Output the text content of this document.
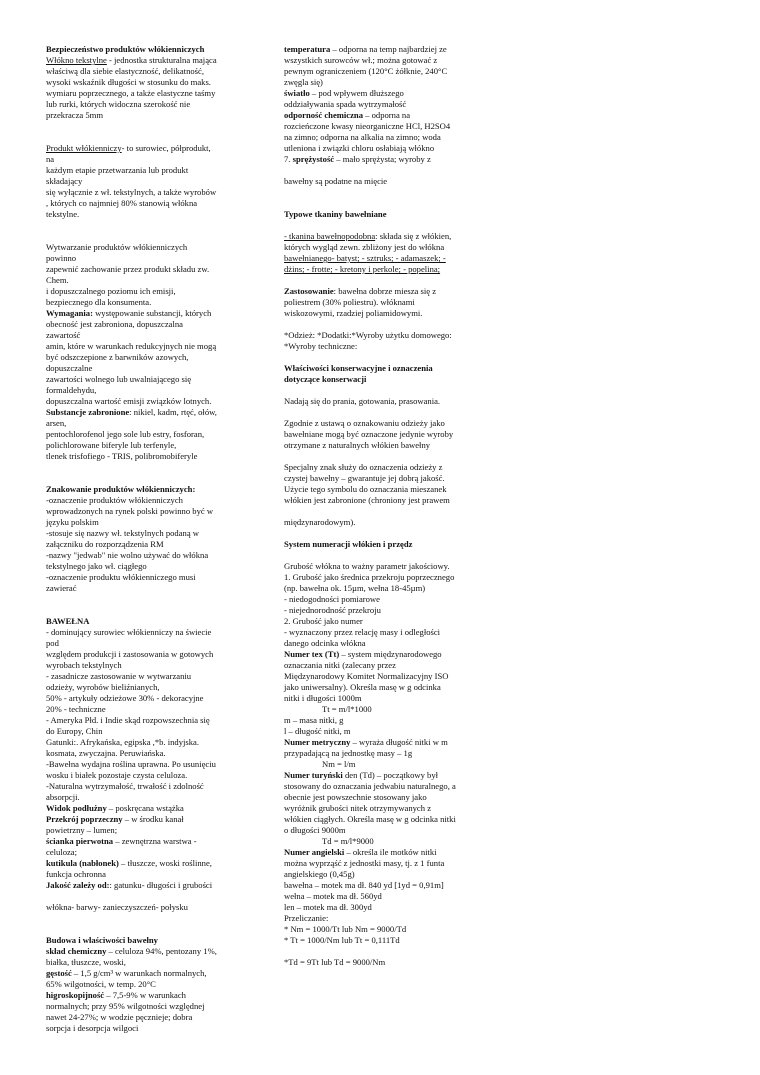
Bezpieczeństwo produktów włókienniczych

Włókno tekstylne - jednostka strukturalna mająca

właściwą dla siebie elastyczność, delikatność,

wysoki wskaźnik długości w stosunku do maks.

wymiaru poprzecznego, a także elastyczne taśmy

lub rurki, których widoczna szerokość nie

przekracza 5mm

Produkt włókienniczy- to surowiec, półprodukt,

na

każdym etapie przetwarzania lub produkt

składający

się wyłącznie z wł. tekstylnych, a także wyrobów

, których co najmniej 80% stanowią włókna

tekstylne.

Wytwarzanie produktów włókienniczych

powinno

zapewnić zachowanie przez produkt składu zw.

Chem.

i dopuszczalnego poziomu ich emisji,

bezpiecznego dla konsumenta.

Wymagania: występowanie substancji, których

obecność jest zabroniona, dopuszczalna

zawartość

amin, które w warunkach redukcyjnych nie mogą

być odszczepione z barwników azowych,

dopuszczalne

zawartości wolnego lub uwalniającego się

formaldehydu,

dopuszczalna wartość emisji związków lotnych.

Substancje zabronione: nikiel, kadm, rtęć, ołów,

arsen,

pentochlorofenol jego sole lub estry, fosforan,

polichlorowane biferyle lub terfenyle,

tlenek trisfofiego - TRIS, polibromobiferyle

Znakowanie produktów włókienniczych:

-oznaczenie produktów włókienniczych

wprowadzonych na rynek polski powinno być w

języku polskim

-stosuje się nazwy wł. tekstylnych podaną w

załączniku do rozporządzenia RM

-nazwy "jedwab" nie wolno używać do włókna

tekstylnego jako wł. ciągłego

-oznaczenie produktu włókienniczego musi

zawierać

BAWEŁNA

- dominujący surowiec włókienniczy na świecie

pod

względem produkcji i zastosowania w gotowych

wyrobach tekstylnych

- zasadnicze zastosowanie w wytwarzaniu

odzieży, wyrobów bieliźnianych,

50% - artykuły odzieżowe 30% - dekoracyjne

20% - techniczne

- Ameryka Płd. i Indie skąd rozpowszechnia się

do Europy, Chin

Gatunki:. Afrykańska, egipska ,*b. indyjska.

kosmata, zwyczajna. Peruwiańska.

-Bawełna wydajna roślina uprawna. Po usunięciu

wosku i białek pozostaje czysta celuloza.

-Naturalna wytrzymałość, trwałość i zdolność

absorpcji.

Widok podłużny – poskręcana wstążka

Przekrój poprzeczny – w środku kanał

powietrzny – lumen;

ścianka pierwotna – zewnętrzna warstwa -

celuloza;

kutikula (nabłonek) – tłuszcze, woski roślinne,

funkcja ochronna

Jakość zależy od:: gatunku- długości i grubości

włókna- barwy- zanieczyszczeń- połysku

Budowa i właściwości bawełny

skład chemiczny – celuloza 94%, pentozany 1%,

białka, tłuszcze, woski,

gęstość – 1,5 g/cm³ w warunkach normalnych,

65% wilgotności, w temp. 20°C

higroskopijność – 7,5-9% w warunkach

normalnych; przy 95% wilgotności względnej

nawet 24-27%; w wodzie pęcznieje; dobra

sorpcja i desorpcja wilgoci

temperatura – odporna na temp najbardziej ze

wszystkich surowców wł.; można gotować z

pewnym ograniczeniem (120°C żółknie, 240°C

zwęgla się)

światło – pod wpływem dłuższego

oddziaływania spada wytrzymałość

odporność chemiczna – odporna na

rozcieńczone kwasy nieorganiczne HCl, H2SO4

na zimno; odporna na alkalia na zimno; woda

utleniona i związki chloru osłabiają włókno

7. sprężystość – mało sprężysta; wyroby z

bawełny są podatne na mięcie

Typowe tkaniny bawełniane

- tkanina bawełnopodobna: składa się z włókien,

których wygląd zewn. zbliżony jest do włókna

bawełnianego- batyst; - sztruks; - adamaszek; -

dżins; - frotte; - kretony i perkole; - popelina;

Zastosowanie: bawełna dobrze miesza się z

poliestrem (30% poliestru). włóknami

wiskozowymi, rzadziej poliamidowymi.

*Odzież: *Dodatki:*Wyroby użytku domowego:

*Wyroby techniczne:

Właściwości konserwacyjne i oznaczenia

dotyczące konserwacji

Nadają się do prania, gotowania, prasowania.

Zgodnie z ustawą o oznakowaniu odzieży jako

bawełniane mogą być oznaczone jedynie wyroby

otrzymane z naturalnych włókien bawełny

Specjalny znak służy do oznaczenia odzieży z

czystej bawełny – gwarantuje jej dobrą jakość.

Użycie tego symbolu do oznaczania mieszanek

włókien jest zabronione (chroniony jest prawem

międzynarodowym).

System numeracji włókien i przędz

Grubość włókna to ważny parametr jakościowy.

1. Grubość jako średnica przekroju poprzecznego

(np. bawełna ok. 15µm, wełna 18-45µm)

- niedogodności pomiarowe

- niejednorodność przekroju

2. Grubość jako numer

- wyznaczony przez relację masy i odległości

danego odcinka włókna

Numer tex (Tt) – system międzynarodowego

oznaczania nitki (zalecany przez

Międzynarodowy Komitet Normalizacyjny ISO

jako uniwersalny). Określa masę w g odcinka

nitki i długości 1000m

Tt = m/l*1000

m – masa nitki, g

l – długość nitki, m

Numer metryczny – wyraża długość nitki w m

przypadającą na jednostkę masy – 1g

Nm = l/m

Numer turyński den (Td) – początkowy był

stosowany do oznaczania jedwabiu naturalnego, a

obecnie jest powszechnie stosowany jako

wyróżnik grubości nitek otrzymywanych z

włókien ciągłych. Określa masę w g odcinka nitki

o długości 9000m

Td = m/l*9000

Numer angielski – określa ile motków nitki

można wyprząść z jednostki masy, tj. z 1 funta

angielskiego (0,45g)

bawełna – motek ma dł. 840 yd [1yd = 0,91m]

wełna – motek ma dł. 560yd

len – motek ma dł. 300yd

Przeliczanie:

* Nm = 1000/Tt lub Nm = 9000/Td

* Tt = 1000/Nm lub Tt = 0,111Td

*Td = 9Tt lub Td = 9000/Nm
